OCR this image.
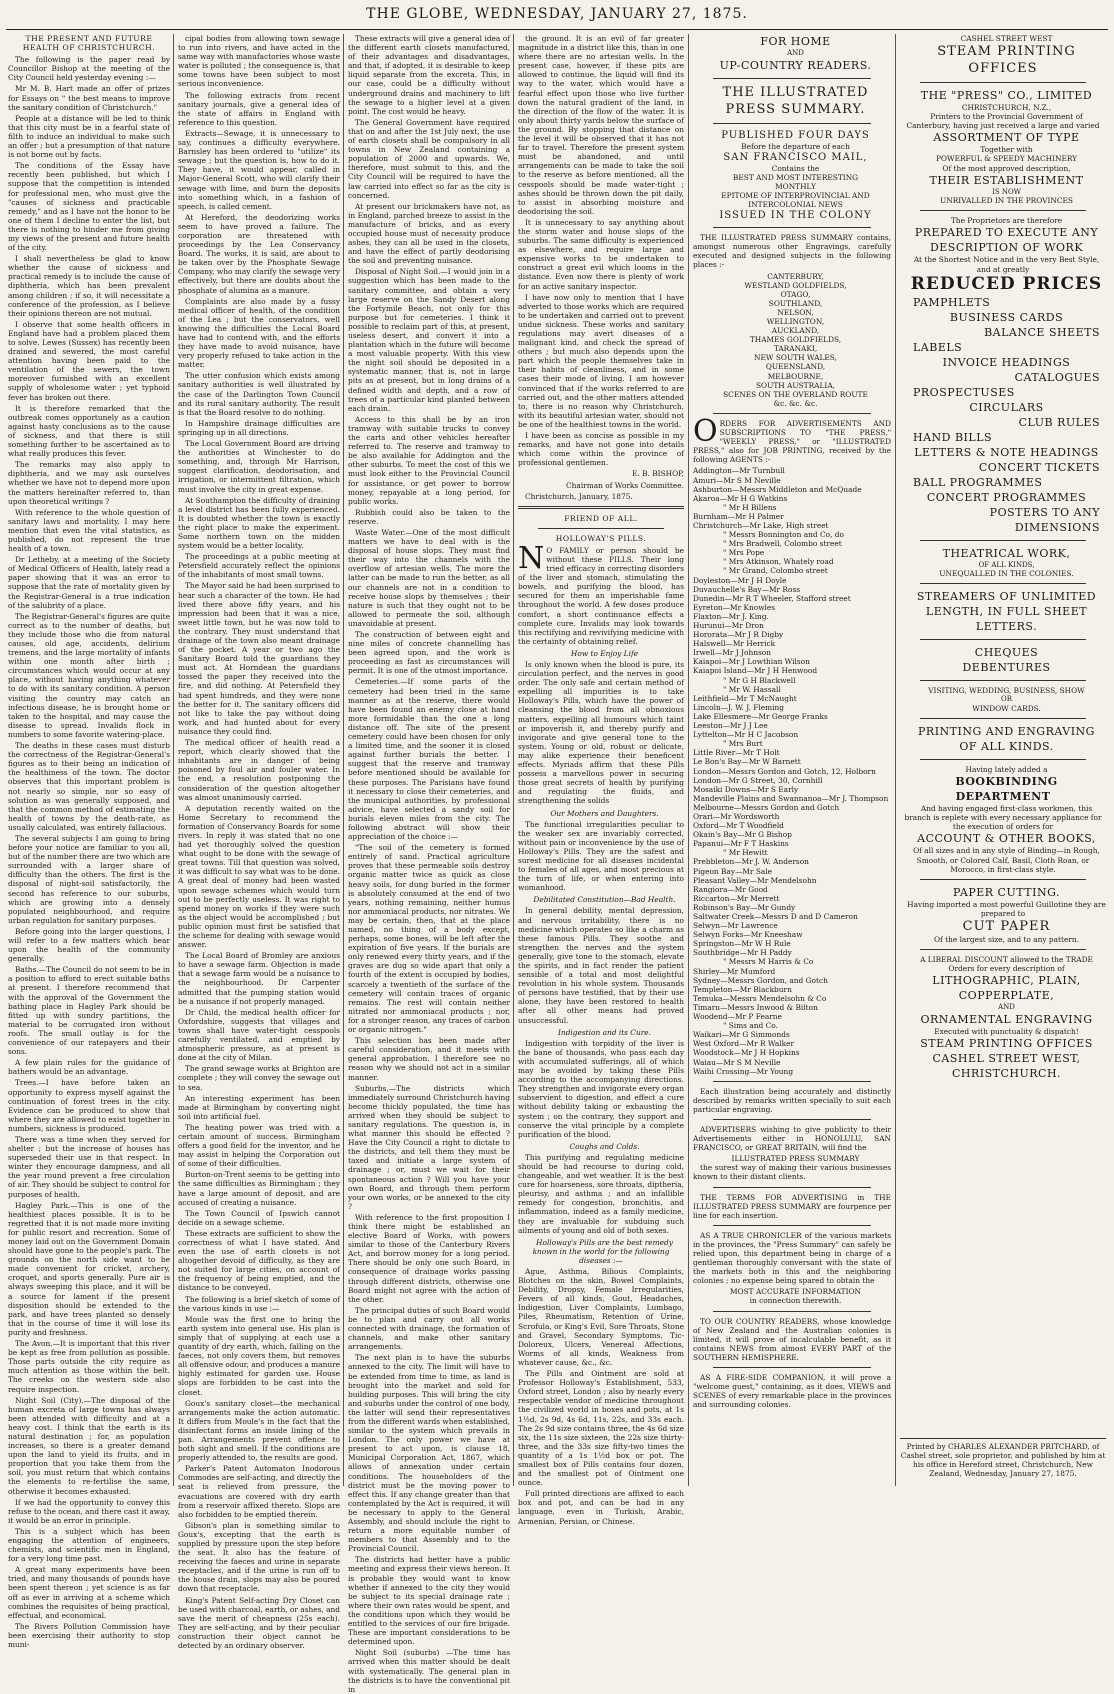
THE GLOBE, WEDNESDAY, JANUARY 27, 1875.
THE PRESENT AND FUTURE HEALTH OF CHRISTCHURCH.

The following is the paper read by Councillor Bishop at the meeting of the City Council held yesterday evening :—

Mr M. B. Hart made an offer of prizes for Essays on " the best means to improve the sanitary condition of Christchurch."

People at a distance will be led to think that this city must be in a fearful state of filth to induce an individual to make such an offer ; but a presumption of that nature is not borne out by facts.

The conditions of the Essay have recently been published, but which I suppose that the competition is intended for professional men, who must give the "causes of sickness and practicable remedy," and as I have not the honor to be one of them I decline to enter the list, but there is nothing to hinder me from giving my views of the present and future health of the city.

I shall nevertheless be glad to know whether the cause of sickness and practical remedy is to include the cause of diphtheria, which has been prevalent among children ; if so, it will necessitate a conference of the profession, as I believe their opinions thereon are not mutual.

I observe that some health officers in England have had a problem placed them to solve. Lewes (Sussex) has recently been drained and sewered, the most careful attention having been paid to the ventilation of the sewers, the town moreover furnished with an excellent supply of wholesome water ; yet typhoid fever has broken out there.

It is therefore remarked that the outbreak comes opportunely as a caution against hasty conclusions as to the cause of sickness, and that there is still something further to be ascertained as to what really produces this fever.

The remarks may also apply to diphtheria, and we may ask ourselves whether we have not to depend more upon the matters hereinafter referred to, than upon theoretical writings ?

With reference to the whole question of sanitary laws and mortality, I may here mention that even the vital statistics, as published, do not represent the true health of a town.

Dr Letheby, at a meeting of the Society of Medical Officers of Health, lately read a paper showing that it was an error to suppose that the rate of mortality given by the Registrar-General is a true indication of the salubrity of a place.

The Registrar-General's figures are quite correct as to the number of deaths, but they include those who die from natural causes, old age, accidents, delirium tremens, and the large mortality of infants within one month after birth ; circumstances which would occur at any place, without having anything whatever to do with its sanitary condition. A person visiting the country may catch an infectious disease, he is brought home or taken to the hospital, and may cause the disease to spread. Invalids flock in numbers to some favorite watering-place.

The deaths in these cases must disturb the correctness of the Registrar-General's figures as to their being an indication of the healthiness of the town. The doctor observes that this important problem is not nearly so simple, nor so easy of solution as was generally supposed, and that the common method of estimating the health of towns by the death-rate, as usually calculated, was entirely fallacious.

The several subjects I am going to bring before your notice are familiar to you all, but of the number there are two which are surrounded with a larger share of difficulty than the others. The first is the disposal of night-soil satisfactorily, the second has reference to our suburbs, which are growing into a densely populated neighbourhood, and require urban regulation for sanitary purposes.

Before going into the larger questions, I will refer to a few matters which bear upon the health of the community generally.

Baths.—The Council do not seem to be in a position to afford to erect suitable baths at present. I therefore recommend that with the approval of the Government the bathing place in Hagley Park should be fitted up with sundry partitions, the material to be corrugated iron without roofs. The small outlay is for the convenience of our ratepayers and their sons.

A few plain rules for the guidance of bathers would be an advantage.

Trees.—I have before taken an opportunity to express myself against the continuation of forest trees in the city. Evidence can be produced to show that where they are allowed to exist together in numbers, sickness is produced.

There was a time when they served for shelter ; but the increase of houses has superseded their use in that respect. In winter they encourage dampness, and all the year round prevent a free circulation of air. They should be subject to control for purposes of health.

Hagley Park.—This is one of the healthiest places possible. It is to be regretted that it is not made more inviting for public resort and recreation. Some of money laid out on the Government Domain should have gone to the people's park. The grounds on the north side want to be made convenient for cricket, archery, croquet, and sports generally. Pure air is always sweeping this place, and it will be a source for lament if the present disposition should be extended to the park, and have trees planted so densely that in the course of time it will lose its purity and freshness.

The Avon.—It is important that this river be kept as free from pollution as possible. Those parts outside the city require as much attention as those within the belt. The creeks on the western side also require inspection.

Night Soil (City).—The disposal of the human excreta of large towns has always been attended with difficulty and at a heavy cost. I think that the earth is its natural destination ; for, as population increases, so there is a greater demand upon the land to yield its fruits, and in proportion that you take them from the soil, you must return that which contains the elements to re-fertilise the same, otherwise it becomes exhausted.

If we had the opportunity to convey this refuse to the ocean, and there cast it away, it would be an error in principle.

This is a subject which has been engaging the attention of engineers, chemists, and scientific men in England, for a very long time past.

A great many experiments have been tried, and many thousands of pounds have been spent thereon ; yet science is as far off as ever in arriving at a scheme which combines the requisites of being practical, effectual, and economical.

The Rivers Pollution Commission have been exercising their authority to stop muni-

cipal bodies from allowing town sewage to run into rivers, and have acted in the same way with manufactories whose waste water is polluted ; the consequence is, that some towns have been subject to most serious inconvenience.

The following extracts from recent sanitary journals, give a general idea of the state of affairs in England with reference to this question.

Extracts—Sewage, it is unnecessary to say, continues a difficulty everywhere. Barnsley has been ordered to "utilize" its sewage ; but the question is, how to do it. They have, it would appear, called in Major-General Scott, who will clarify their sewage with lime, and burn the deposits into something which, in a fashion of speech, is called cement.

At Hereford, the deodorizing works seem to have proved a failure. The corporation are threatened with proceedings by the Lea Conservancy Board. The works, it is said, are about to be taken over by the Phosphate Sewage Company, who may clarify the sewage very effectively, but there are doubts about the phosphate of alumina as a manure.

Complaints are also made by a fussy medical officer of health, of the condition of the Lea ; but the conservators, well knowing the difficulties the Local Board have had to contend with, and the efforts they have made to avoid nuisance, have very properly refused to take action in the matter.

The utter confusion which exists among sanitary authorities is well illustrated by the case of the Darlington Town Council and its rural sanitary authority. The result is that the Board resolve to do nothing.

In Hampshire drainage difficulties are springing up in all directions.

The Local Government Board are driving the authorities at Winchester to do something, and, through Mr Harrison, suggest clarification, deodorisation, and irrigation, or intermittent filtration, which must involve the city in great expense.

At Southampton the difficulty of draining a level district has been fully experienced. It is doubted whether the town is exactly the right place to make the experiment. Some northern town on the midden system would be a better locality.

The proceedings at a public meeting at Petersfield accurately reflect the opinions of the inhabitants of most small towns.

The Mayor said he had been surprised to hear such a character of the town. He had lived there above fifty years, and his impression had been that it was a nice, sweet little town, but he was now told to the contrary. They must understand that drainage of the town also meant drainage of the pocket. A year or two ago the Sanitary Board told the guardians they must act. At Horndean the guardians tossed the paper they received into the fire, and did nothing. At Petersfield they had spent hundreds, and they were none the better for it. The sanitary officers did not like to take the pay without doing work, and had hunted about for every nuisance they could find.

The medical officer of health read a report, which clearly showed that the inhabitants are in danger of being poisoned by foul air and fouler water. In the end, a resolution postponing the consideration of the question altogether was almost unanimously carried.

A deputation recently waited on the Home Secretary to recommend the formation of Conservancy Boards for some rivers. In reply it was stated that no one had yet thoroughly solved the question what ought to be done with the sewage of great towns. Till that question was solved, it was difficult to say what was to be done. A great deal of money had been wasted upon sewage schemes which would turn out to be perfectly useless. It was right to spend money on works if they were such as the object would be accomplished ; but public opinion must first be satisfied that the scheme for dealing with sewage would answer.

The Local Board of Bromley are anxious to have a sewage farm. Objection is made that a sewage farm would be a nuisance to the neighbourhood. Dr Carpenter admitted that the pumping station would be a nuisance if not properly managed.

Dr Child, the medical health officer for Oxfordshire, suggests that villages and towns shall have water-tight cesspools carefully ventilated, and emptied by atmospheric pressure, as at present is done at the city of Milan.

The grand sewage works at Brighton are complete ; they will convey the sewage out to sea.

An interesting experiment has been made at Birmingham by converting night soil into artificial fuel.

The heating power was tried with a certain amount of success. Birmingham offers a good field for the inventor, and he may assist in helping the Corporation out of some of their difficulties.

Burton-on-Trent seems to be getting into the same difficulties as Birmingham ; they have a large amount of deposit, and are accused of creating a nuisance.

The Town Council of Ipswich cannot decide on a sewage scheme.

These extracts are sufficient to show the correctness of what I have stated. And even the use of earth closets is not altogether devoid of difficulty, as they are not suited for large cities, on account of the frequency of being emptied, and the distance to be conveyed.

The following is a brief sketch of some of the various kinds in use :—

Moule was the first one to bring the earth system into general use. His plan is simply that of supplying at each use a quantity of dry earth, which, falling on the faeces, not only covers them, but removes all offensive odour, and produces a manure highly estimated for garden use. House slops are forbidden to be cast into the closet.

Goux's sanitary closet—the mechanical arrangements make the action automatic. It differs from Moule's in the fact that the disinfectant forms an inside lining of the pan. Arrangements prevent offence to both sight and smell. If the conditions are properly attended to, the results are good.

Parker's Patent Automaton Inodorous Commodes are self-acting, and directly the seat is relieved from pressure, the evacuations are covered with dry earth from a reservoir affixed thereto. Slops are also forbidden to be emptied therein.

Gibson's plan is something similar to Goux's, excepting that the earth is supplied by pressure upon the step before the seat. It also has the feature of receiving the faeces and urine in separate receptacles, and if the urine is run off to the house drain, slops may also be poured down that receptacle.

King's Patent Self-acting Dry Closet can be used with charcoal, earth, or ashes, and save the merit of cheapness (25s each). They are self-acting, and by their peculiar construction their object cannot be detected by an ordinary observer.

These extracts will give a general idea of the different earth closets manufactured, of their advantages and disadvantages, and that, if adopted, it is desirable to keep liquid separate from the excreta. This, in our case, could be a difficulty without underground drains and machinery to lift the sewage to a higher level at a given point. The cost would be heavy.

The General Government have required that on and after the 1st July next, the use of earth closets shall be compulsory in all towns in New Zealand containing a population of 2000 and upwards. We, therefore, must submit to this, and the City Council will be required to have the law carried into effect so far as the city is concerned.

At present our brickmakers have not, as in England, parched breeze to assist in the manufacture of bricks, and as every occupied house must of necessity produce ashes, they can all be used in the closets, and have the effect of partly deodorising the soil and preventing nuisance.

Disposal of Night Soil.—I would join in a suggestion which has been made to the sanitary committee, and obtain a very large reserve on the Sandy Desert along the Fortymile Beach, not only for this purpose but for cemeteries. I think it possible to reclaim part of this, at present, useless desert, and convert it into a plantation which in the future will become a most valuable property. With this view the night soil should be deposited in a systematic manner, that is, not in large pits as at present, but in long drains of a defined width and depth, and a row of trees of a particular kind planted between each drain.

Access to this shall be by an iron tramway with suitable trucks to convey the carts and other vehicles hereafter referred to. The reserve and tramway to be also available for Addington and the other suburbs. To meet the cost of this we must look either to the Provincial Council for assistance, or get power to borrow money, repayable at a long period, for public works.

Rubbish could also be taken to the reserve.

Waste Water.—One of the most difficult matters we have to deal with is the disposal of house slops. They must find their way into the channels with the overflow of artesian wells. The more the latter can be made to run the better, as all our channels are not in a condition to receive house slops by themselves ; their nature is such that they ought not to be allowed to permeate the soil, although unavoidable at present.

The construction of between eight and nine miles of concrete channelling has been agreed upon, and the work is proceeding as fast as circumstances will permit. It is one of the utmost importance.

Cemeteries.—If some parts of the cemetery had been tried in the same manner as at the reserve, there would have been found an enemy close at hand more formidable than the one a long distance off. The site of the present cemetery could have been chosen for only a limited time, and the sooner it is closed against further burials the better. I suggest that the reserve and tramway before mentioned should be available for these purposes. The Parisians have found it necessary to close their cemeteries, and the municipal authorities, by professional advice, have selected a sandy soil for burials eleven miles from the city. The following abstract will show their appreciation of the choice :—

"The soil of the cemetery is formed entirely of sand. Practical agriculture proves that these permeable soils destroy organic matter twice as quick as close heavy soils, for dung buried in the former is absolutely consumed at the end of two years, nothing remaining, neither humus nor ammoniacal products, nor nitrates. We may be certain, then, that at the place named, no thing of a body except, perhaps, some bones, will be left after the expiration of five years. If the burials are only renewed every thirty years, and if the graves are dug so wide apart that only a fourth of the extent is occupied by bodies, scarcely a twentieth of the surface of the cemetery will contain traces of organic remains. The rest will contain neither nitrated nor ammoniacal products ; nor, for a stronger reason, any traces of carbon or organic nitrogen."

This selection has been made after careful consideration, and it meets with general approbation. I therefore see no reason why we should not act in a similar manner.

Suburbs.—The districts which immediately surround Christchurch having become thickly populated, the time has arrived when they should be subject to sanitary regulations. The question is, in what manner this should be effected ? Have the City Council a right to dictate to the districts, and tell them they must be taxed and initiate a large system of drainage ; or, must we wait for their spontaneous action ? Will you have your own Board, and through them perform your own works, or be annexed to the city ?

With reference to the first proposition I think there might be established an elective Board of Works, with powers similar to those of the Canterbury Rivers Act, and borrow money for a long period. There should be only one such Board, in consequence of drainage works passing through different districts, otherwise one Board might not agree with the action of the other.

The principal duties of such Board would be to plan and carry out all works connected with drainage, the formation of channels, and make other sanitary arrangements.

The next plan is to have the suburbs annexed to the city. The limit will have to be extended from time to time, as land is brought into the market and sold for building purposes. This will bring the city and suburbs under the control of one body, the latter will send their representatives from the different wards when established, similar to the system which prevails in London. The only power we have at present to act upon, is clause 18, Municipal Corporation Act, 1867, which allows of annexation under certain conditions. The householders of the district must be the moving power to effect this. If any change greater than that contemplated by the Act is required, it will be necessary to apply to the General Assembly, and should include the right to return a more equitable number of members to that Assembly and to the Provincial Council.

The districts had better have a public meeting and express their views hereon. It is probable they would want to know whether if annexed to the city they would be subject to its special drainage rate ; where their own rates would be spent, and the conditions upon which they would be entitled to the services of our fire brigade. These are important considerations to be determined upon.

Night Soil (suburbs) —The time has arrived when this matter should be dealt with systematically. The general plan in the districts is to have the conventional pit in

the ground. It is an evil of far greater magnitude in a district like this, than in one where there are no artesian wells. In the present case, however, if these pits are allowed to continue, the liquid will find its way to the water, which would have a fearful effect upon those who live further down the natural gradient of the land, in the direction of the flow of the water. It is only about thirty yards below the surface of the ground. By stopping that distance on the level it will be observed that it has not far to travel. Therefore the present system must be abandoned, and until arrangements can be made to take the soil to the reserve as before mentioned, all the cesspools should be made water-tight ; ashes should be thrown down the pit daily, to assist in absorbing moisture and deodorising the soil.

It is unnecessary to say anything about the storm water and house slops of the suburbs. The same difficulty is experienced as elsewhere, and require large and expensive works to be undertaken to construct a great evil which looms in the distance. Even now there is plenty of work for an active sanitary inspector.

I have now only to mention that I have adverted to those works which are required to be undertaken and carried out to prevent undue sickness. These works and sanitary regulations may avert diseases of a malignant kind, and check the spread of others ; but much also depends upon the part which the people themselves take in their habits of cleanliness, and in some cases their mode of living. I am however convinced that if the works referred to are carried out, and the other matters attended to, there is no reason why Christchurch, with its beautiful artesian water, should not be one of the healthiest towns in the world.

I have been as concise as possible in my remarks, and have not gone into details which come within the province of professional gentlemen.

E. B. BISHOP,

Chairman of Works Committee.

Christchurch, January, 1875.

FRIEND OF ALL.
HOLLOWAY'S PILLS.

N O FAMILY or person should be without these PILLS. Their long tried efficacy in correcting disorders of the liver and stomach, stimulating the bowels, and purifying the blood, has secured for them an imperishable fame throughout the world. A few doses produce comfort, a short continuance effects a complete cure. Invalids may look towards this rectifying and revivifying medicine with the certainty of obtaining relief.

How to Enjoy Life

Is only known when the blood is pure, its circulation perfect, and the nerves in good order. The only safe and certain method of expelling all impurities is to take Holloway's Pills, which have the power of cleansing the blood from all obnoxious matters, expelling all humours which taint or impoverish it, and thereby purify and invigorate and give general tone to the system. Young or old, robust or delicate, may alike experience their beneficent effects. Myriads affirm that these Pills possess a marvellous power in securing those great secrets of health by purifying and regulating the fluids, and strengthening the solids

Our Mothers and Daughters.

The functional irregularities peculiar to the weaker sex are invariably corrected, without pain or inconvenience by the use of Holloway's Pills. They are the safest and surest medicine for all diseases incidental to females of all ages, and most precious at the turn of life, or when entering into womanhood.

Debilitated Constitution—Bad Health.

In general debility, mental depression, and nervous irritability, there is no medicine which operates so like a charm as these famous Pills. They soothe and strengthen the nerves and the system generally, give tone to the stomach, elevate the spirits, and in fact render the patient sensible of a total and most delightful revolution in his whole system. Thousands of persons have testified, that by their use alone, they have been restored to health after all other means had proved unsuccessful.

Indigestion and its Cure.

Indigestion with torpidity of the liver is the bane of thousands, who pass each day with accumulated sufferings, all of which may be avoided by taking these Pills according to the accompanying directions. They strengthen and invigorate every organ subservient to digestion, and effect a cure without debility taking or exhausting the system ; on the contrary, they support and conserve the vital principle by a complete purification of the blood.

Coughs and Colds.

This purifying and regulating medicine should be had recourse to during cold, changeable, and wet weather. It is the best cure for hoarseness, sore throats, diptheria, pleurisy, and asthma ; and an infallible remedy for congestion, bronchitis, and inflammation, indeed as a family medicine, they are invaluable for subduing such ailments of young and old of both sexes.

Holloway's Pills are the best remedy known in the world for the following diseases :—

Ague, Asthma, Bilious Complaints, Blotches on the skin, Bowel Complaints, Debility, Dropsy, Female Irregularities, Fevers of all kinds, Gout, Headaches, Indigestion, Liver Complaints, Lumbago, Piles, Rheumatism, Retention of Urine, Scrofula, or King's Evil, Sore Throats, Stone and Gravel, Secondary Symptoms, Tic-Doloreux, Ulcers, Venereal Affections, Worms of all kinds, Weakness from whatever cause, &c., &c.

The Pills and Ointment are sold at Professor Holloway's Establishment, 533, Oxford street, London ; also by nearly every respectable vendor of medicine throughout the civilized world in boxes and pots, at 1s 1½d, 2s 9d, 4s 6d, 11s, 22s, and 33s each. The 2s 9d size contains three, the 4s 6d size six, the 11s size sixteen, the 22s size thirty-three, and the 33s size fifty-two times the quantity of a 1s 1½d box or pot. The smallest box of Pills contains four dozen, and the smallest pot of Ointment one ounce.

Full printed directions are affixed to each box and pot, and can be had in any language, even in Turkish, Arabic, Armenian, Persian, or Chinese.

FOR HOME

AND

UP-COUNTRY READERS.

THE ILLUSTRATED

PRESS SUMMARY.

PUBLISHED FOUR DAYS

Before the departure of each

SAN FRANCISCO MAIL,

Contains the

BEST AND MOST INTERESTING

MONTHLY

EPITOME OF INTERPROVINCIAL AND

INTERCOLONIAL NEWS

ISSUED IN THE COLONY

THE ILLUSTRATED PRESS SUMMARY contains, amongst numerous other Engravings, carefully executed and designed subjects in the following places :-

CANTERBURY,

WESTLAND GOLDFIELDS,

OTAGO,

SOUTHLAND,

NELSON,

WELLINGTON,

AUCKLAND,

THAMES GOLDFIELDS,

TARANAKI,

NEW SOUTH WALES,

QUEENSLAND,

MELBOURNE,

SOUTH AUSTRALIA,

SCENES ON THE OVERLAND ROUTE

&c. &c. &c.

ORDERS FOR ADVERTISEMENTS AND SUBSCRIPTIONS TO "THE PRESS," "WEEKLY PRESS," or "ILLUSTRATED PRESS," also for JOB PRINTING, received by the following AGENTS :-

Addington—Mr Turnbull

Amuri—Mr S M Neville

Ashburton—Messrs Middleton and McQuade

Akaroa—Mr H G Watkins

" Mr H Billens

Burnham—Mr H Palmer

Christchurch—Mr Lake, High street

" Messrs Bonnington and Co, do

" Mrs Bradwell, Colombo street

" Mrs Pope

" Mrs Atkinson, Whately road

" Mr Grand, Colombo street

Doyleston—Mr J H Doyle

Duvauchelle's Bay—Mr Ross

Dunedin—Mr R T Wheeler, Stafford street

Eyreton—Mr Knowles

Flaxton—Mr J. King.

Hurunui—Mr Dron

Hororata—Mr J R Digby

Halswell—Mr Herrick

Irwell—Mr J Johnson

Kaiapoi—Mr J Lowthian Wilson

Kaiapoi Island—Mr J H Henwood

" Mr G H Blackwell

" Mr W. Hassall

Leithfield—Mr T McNaught

Lincoln—J. W. J. Fleming

Lake Ellesmere—Mr George Franks

Leeston—Mr J J Lee

Lyttelton—Mr H C Jacobson

" Mrs Burt

Little River—Mr T Holt

Le Bon's Bay—Mr W Barnett

London—Messrs Gordon and Gotch, 12, Holborn

London—Mr G Street, 30, Cornhill

Mosaiki Downs—Mr S Early

Mandeville Plains and Swannanoa—Mr J. Thompson

Melbourne—Messrs Gordon and Gotch

Orari—Mr Wordsworth

Oxford—Mr T Woodfield

Okain's Bay—Mr G Bishop

Papanui—Mr F T Haskins

" Mr Hewitt

Prebbleton—Mr J. W. Anderson

Pigeon Bay—Mr Sale

Pleasant Valley—Mr Mendelsohn

Rangiora—Mr Good

Riccarton—Mr Merrett

Robinson's Bay—Mr Gundy

Saltwater Creek—Messrs D and D Cameron

Selwyn—Mr Lawrence

Selwyn Forks—Mr Kneeshaw

Springston—Mr W H Rule

Southbridge—Mr H Paddy

" Messrs M Harris & Co

Shirley—Mr Mumford

Sydney—Messrs Gordon, and Gotch

Templeton—Mr Blackburn

Temuka—Messrs Mendelsohn & Co

Timaru—Messrs Inwood & Bilton

Woodend—Mr P Fearne

" Sims and Co.

Waikari—Mr G Simmonds

West Oxford—Mr R Walker

Woodstock—Mr J H Hopkins

Waiau—Mr S M Neville

Waihi Crossing—Mr Young

Each illustration being accurately and distinctly described by remarks written specially to suit each particular engraving.

ADVERTISERS wishing to give publicity to their Advertisements either in HONOLULU, SAN FRANCISCO, or GREAT BRITAIN, will find the

ILLUSTRATED PRESS SUMMARY

the surest way of making their various businesses known to their distant clients.

THE TERMS FOR ADVERTISING in THE ILLUSTRATED PRESS SUMMARY are fourpence per line for each insertion.

AS A TRUE CHRONICLER of the various markets in the provinces, the "Press Summary" can safely be relied upon, this department being in charge of a gentleman thoroughly conversant with the state of the markets both in this and the neighboring colonies ; no expense being spared to obtain the

MOST ACCURATE INFORMATION

in connection therewith.

TO OUR COUNTRY READERS, whose knowledge of New Zealand and the Australian colonies is limited, it will prove of incalculable benefit, as it contains NEWS from almost EVERY PART of the SOUTHERN HEMISPHERE.

AS A FIRE-SIDE COMPANION, it will prove a "welcome guest," containing, as it does, VIEWS and SCENES of every remarkable place in the provinces and surrounding colonies.

CASHEL STREET WEST

STEAM PRINTING OFFICES

THE "PRESS" CO., LIMITED

CHRISTCHURCH, N.Z.,

Printers to the Provincial Government of Canterbury, having just received a large and varied

ASSORTMENT OF TYPE

Together with

POWERFUL & SPEEDY MACHINERY

Of the most approved description,

THEIR ESTABLISHMENT

IS NOW

UNRIVALLED IN THE PROVINCES

The Proprietors are therefore

PREPARED TO EXECUTE ANY

DESCRIPTION OF WORK

At the Shortest Notice and in the very Best Style, and at greatly

REDUCED PRICES

PAMPHLETS

BUSINESS CARDS

BALANCE SHEETS

LABELS

INVOICE HEADINGS

CATALOGUES

PROSPECTUSES

CIRCULARS

CLUB RULES

HAND BILLS

LETTERS & NOTE HEADINGS

CONCERT TICKETS

BALL PROGRAMMES

CONCERT PROGRAMMES

POSTERS TO ANY DIMENSIONS

THEATRICAL WORK,

OF ALL KINDS,

UNEQUALLED IN THE COLONIES.

STREAMERS OF UNLIMITED

LENGTH, IN FULL SHEET

LETTERS.

CHEQUES

DEBENTURES

VISITING, WEDDING, BUSINESS, SHOW

OR

WINDOW CARDS.

PRINTING AND ENGRAVING

OF ALL KINDS.

Having lately added a

BOOKBINDING DEPARTMENT

And having engaged first-class workmen, this branch is replete with every necessary appliance for the execution of orders for

ACCOUNT & OTHER BOOKS,

Of all sizes and in any style of Binding—in Rough, Smooth, or Colored Calf, Basil, Cloth Roan, or Morocco, in first-class style.

PAPER CUTTING.

Having imported a most powerful Guillotine they are prepared to

CUT PAPER

Of the largest size, and to any pattern.

A LIBERAL DISCOUNT allowed to the TRADE

Orders for every description of

LITHOGRAPHIC, PLAIN,

COPPERPLATE,

AND

ORNAMENTAL ENGRAVING

Executed with punctuality & dispatch!

STEAM PRINTING OFFICES

CASHEL STREET WEST,

CHRISTCHURCH.

Printed by CHARLES ALEXANDER PRITCHARD, of Cashel street, sole proprietor, and published by him at his office in Hereford street, Christchurch, New Zealand, Wednesday, January 27, 1875.
